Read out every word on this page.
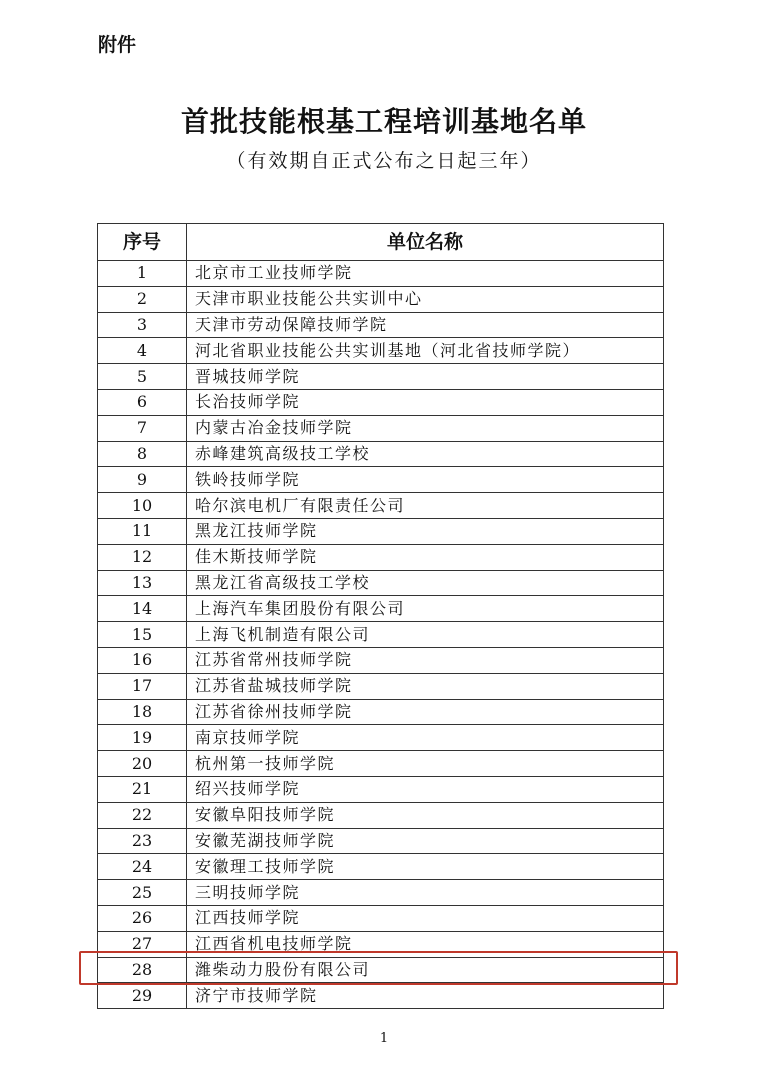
附件
首批技能根基工程培训基地名单
（有效期自正式公布之日起三年）
序号	单位名称
1	北京市工业技师学院
2	天津市职业技能公共实训中心
3	天津市劳动保障技师学院
4	河北省职业技能公共实训基地（河北省技师学院）
5	晋城技师学院
6	长治技师学院
7	内蒙古冶金技师学院
8	赤峰建筑高级技工学校
9	铁岭技师学院
10	哈尔滨电机厂有限责任公司
11	黑龙江技师学院
12	佳木斯技师学院
13	黑龙江省高级技工学校
14	上海汽车集团股份有限公司
15	上海飞机制造有限公司
16	江苏省常州技师学院
17	江苏省盐城技师学院
18	江苏省徐州技师学院
19	南京技师学院
20	杭州第一技师学院
21	绍兴技师学院
22	安徽阜阳技师学院
23	安徽芜湖技师学院
24	安徽理工技师学院
25	三明技师学院
26	江西技师学院
27	江西省机电技师学院
28	潍柴动力股份有限公司
29	济宁市技师学院
1
